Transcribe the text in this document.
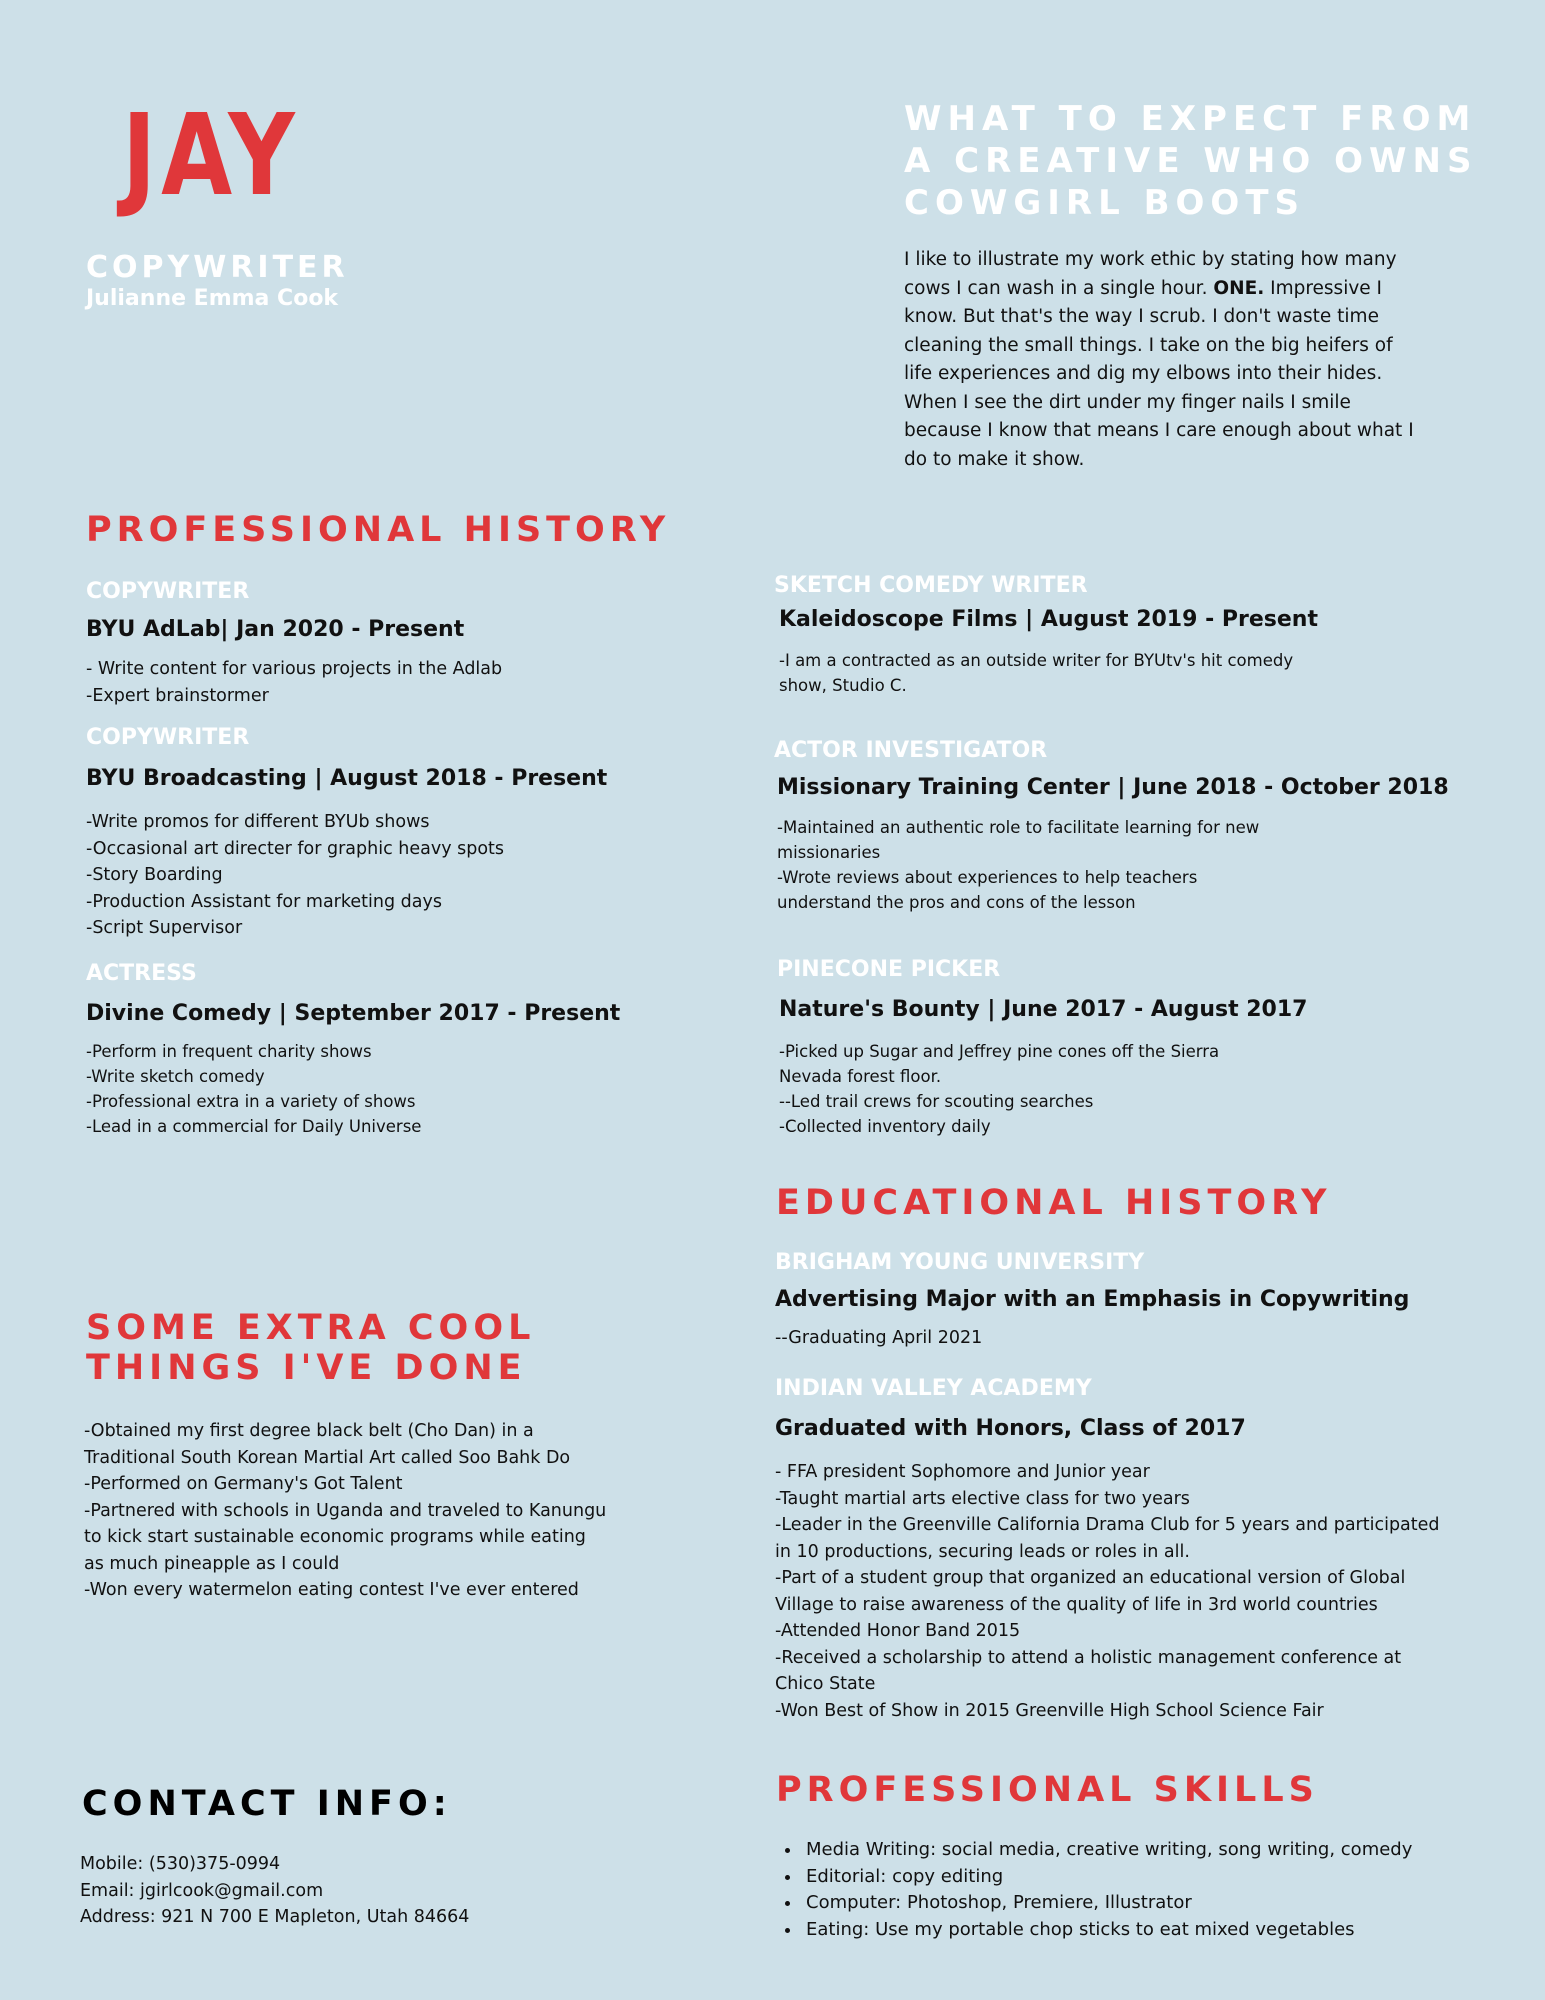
JAY
COPYWRITER
Julianne Emma Cook
WHAT TO EXPECT FROM
A CREATIVE WHO OWNS
COWGIRL BOOTS
I like to illustrate my work ethic by stating how many cows I can wash in a single hour. ONE. Impressive I know. But that's the way I scrub. I don't waste time cleaning the small things. I take on the big heifers of life experiences and dig my elbows into their hides. When I see the dirt under my finger nails I smile because I know that means I care enough about what I do to make it show.
PROFESSIONAL HISTORY
COPYWRITER
BYU AdLab| Jan 2020 - Present
- Write content for various projects in the Adlab
-Expert brainstormer
COPYWRITER
BYU Broadcasting | August 2018 - Present
-Write promos for different BYUb shows
-Occasional art directer for graphic heavy spots
-Story Boarding
-Production Assistant for marketing days
-Script Supervisor
ACTRESS
Divine Comedy | September 2017 - Present
-Perform in frequent charity shows
-Write sketch comedy
-Professional extra in a variety of shows
-Lead in a commercial for Daily Universe
SKETCH COMEDY WRITER
Kaleidoscope Films | August 2019 - Present
-I am a contracted as an outside writer for BYUtv's hit comedy
show, Studio C.
ACTOR INVESTIGATOR
Missionary Training Center | June 2018 - October 2018
-Maintained an authentic role to facilitate learning for new
missionaries
-Wrote reviews about experiences to help teachers
understand the pros and cons of the lesson
PINECONE PICKER
Nature's Bounty | June 2017 - August 2017
-Picked up Sugar and Jeffrey pine cones off the Sierra
Nevada forest floor.
--Led trail crews for scouting searches
-Collected inventory daily
EDUCATIONAL HISTORY
BRIGHAM YOUNG UNIVERSITY
Advertising Major with an Emphasis in Copywriting
--Graduating April 2021
INDIAN VALLEY ACADEMY
Graduated with Honors, Class of 2017
- FFA president Sophomore and Junior year
-Taught martial arts elective class for two years
-Leader in the Greenville California Drama Club for 5 years and participated
in 10 productions, securing leads or roles in all.
-Part of a student group that organized an educational version of Global
Village to raise awareness of the quality of life in 3rd world countries
-Attended Honor Band 2015
-Received a scholarship to attend a holistic management conference at
Chico State
-Won Best of Show in 2015 Greenville High School Science Fair
SOME EXTRA COOL
THINGS I'VE DONE
-Obtained my first degree black belt (Cho Dan) in a
Traditional South Korean Martial Art called Soo Bahk Do
-Performed on Germany's Got Talent
-Partnered with schools in Uganda and traveled to Kanungu
to kick start sustainable economic programs while eating
as much pineapple as I could
-Won every watermelon eating contest I've ever entered
CONTACT INFO:
Mobile: (530)375-0994
Email: jgirlcook@gmail.com
Address: 921 N 700 E Mapleton, Utah 84664
PROFESSIONAL SKILLS
• Media Writing: social media, creative writing, song writing, comedy
• Editorial: copy editing
• Computer: Photoshop, Premiere, Illustrator
• Eating: Use my portable chop sticks to eat mixed vegetables
